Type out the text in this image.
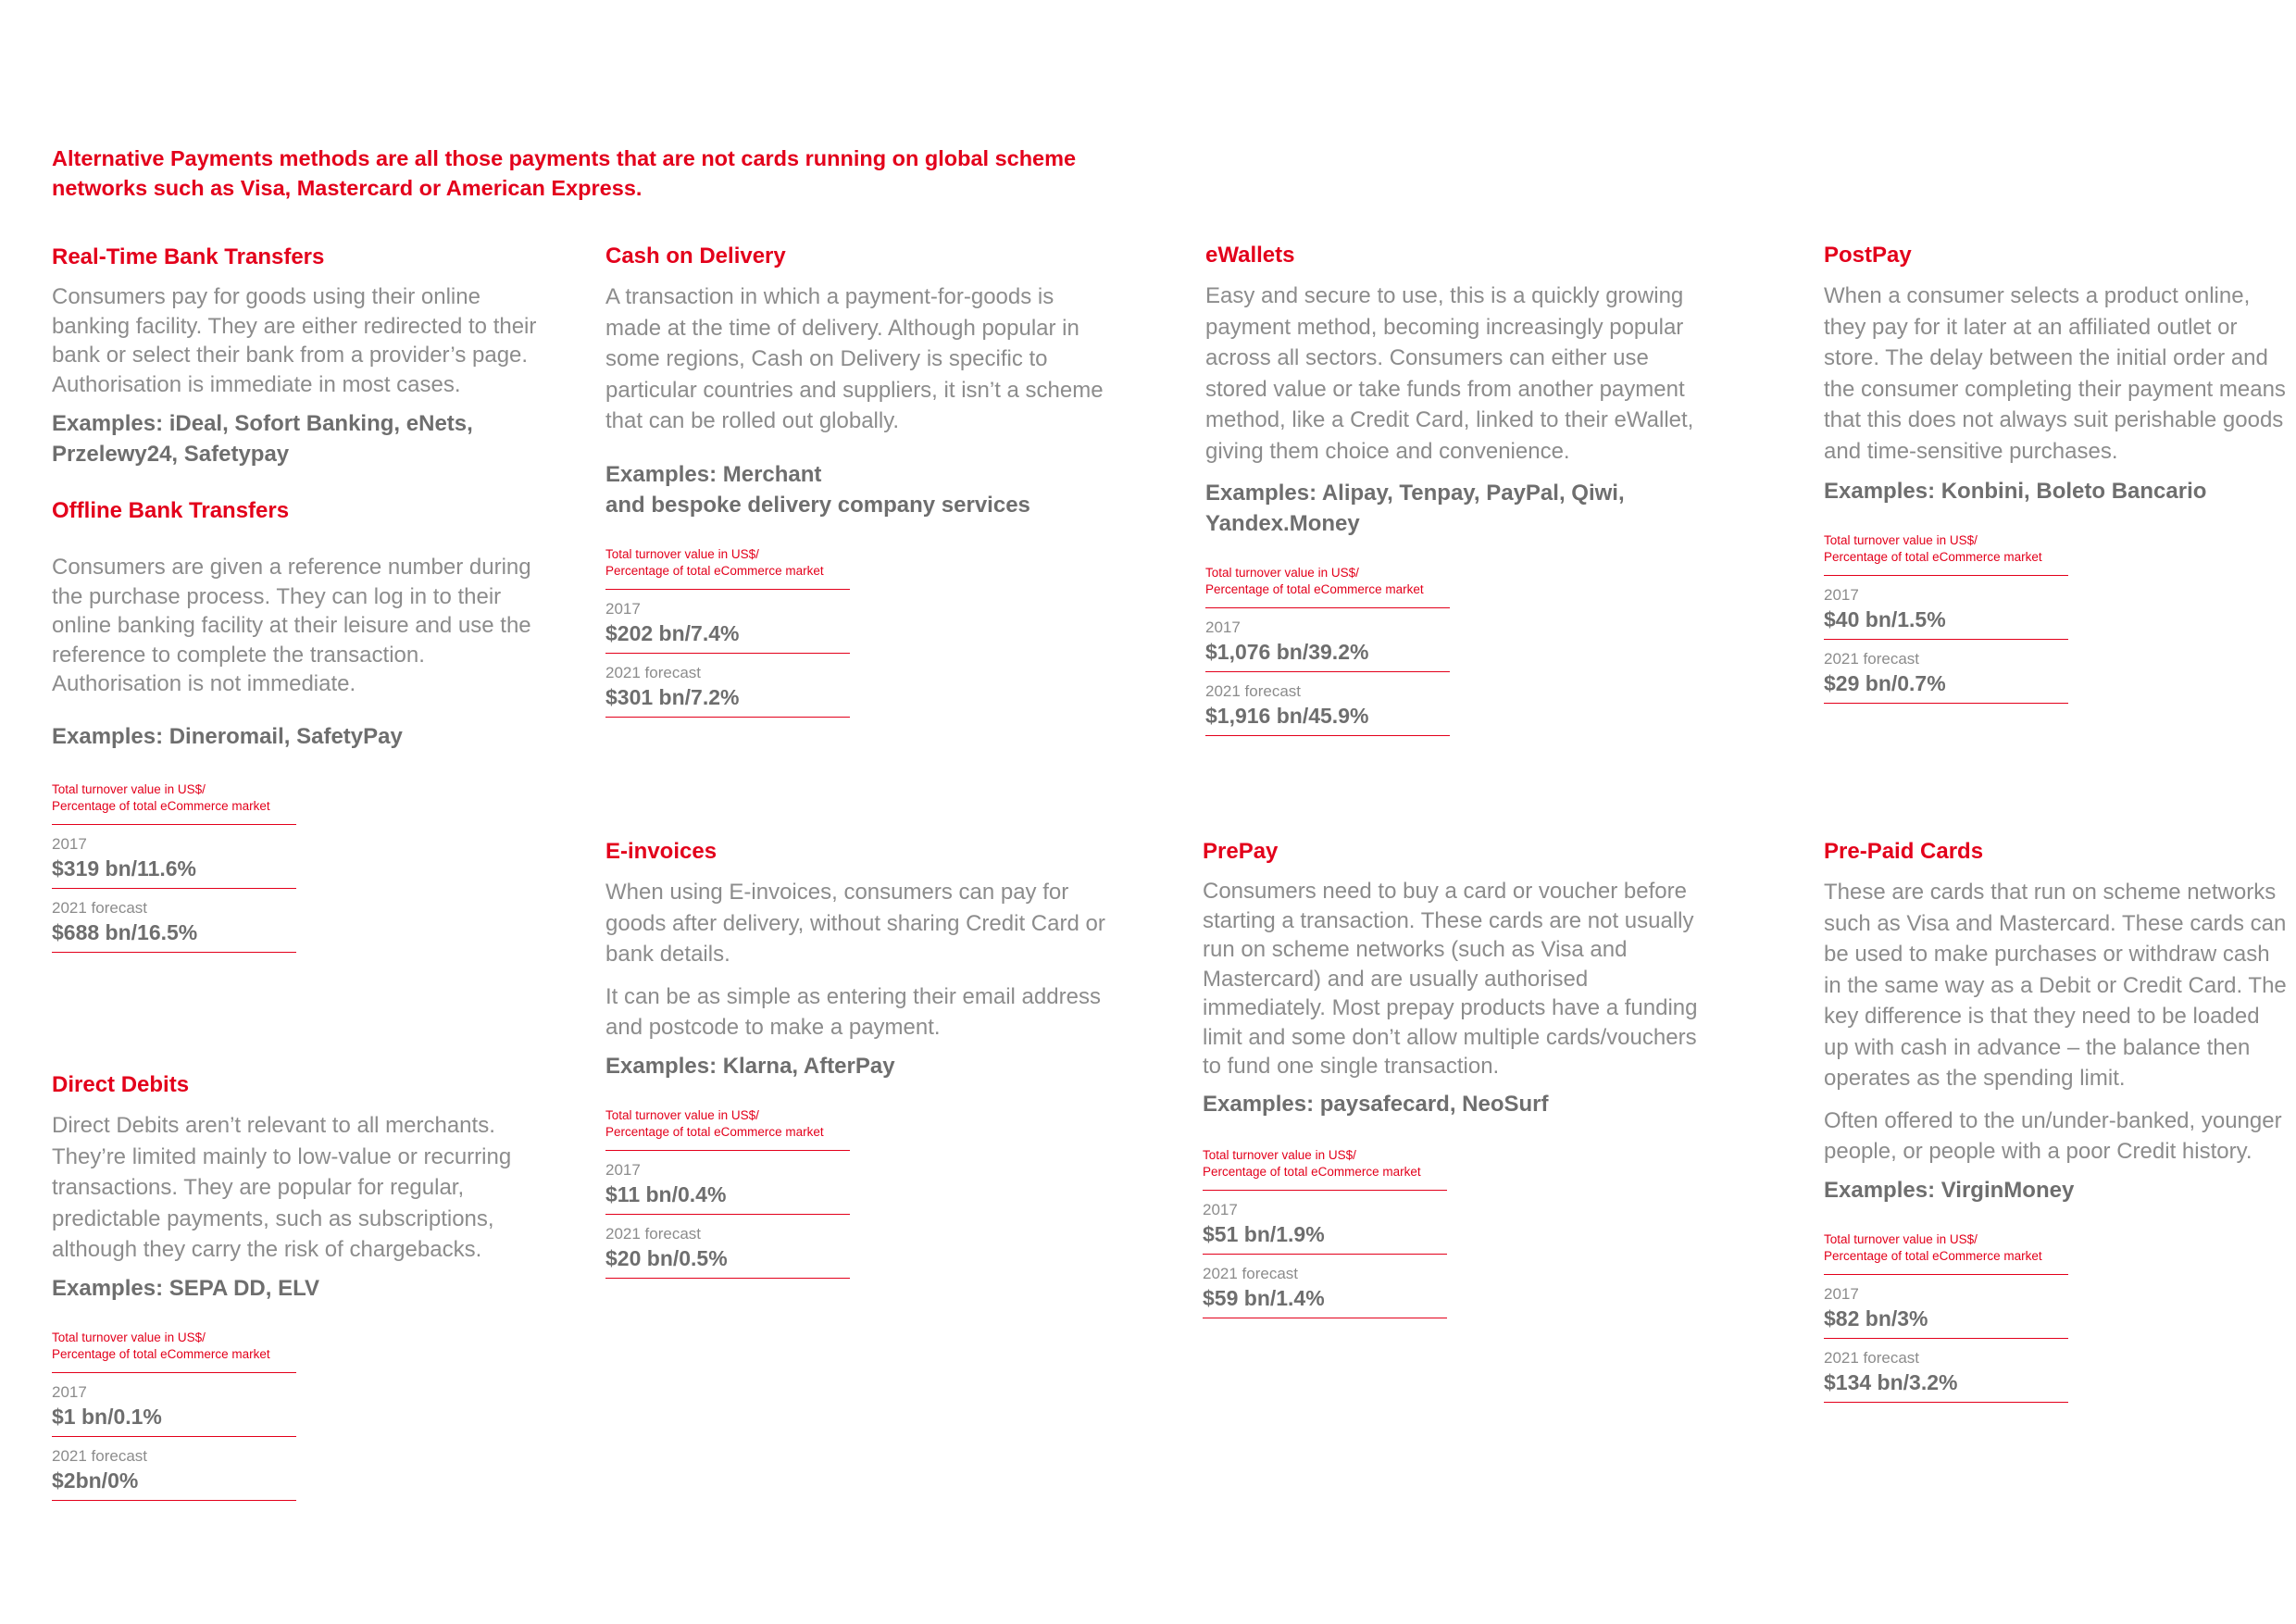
Alternative Payments methods are all those payments that are not cards running on global scheme networks such as Visa, Mastercard or American Express.
Real-Time Bank Transfers

Consumers pay for goods using their online banking facility. They are either redirected to their bank or select their bank from a provider’s page. Authorisation is immediate in most cases.

Examples: iDeal, Sofort Banking, eNets, Przelewy24, Safetypay

Offline Bank Transfers

Consumers are given a reference number during the purchase process. They can log in to their online banking facility at their leisure and use the reference to complete the transaction. Authorisation is not immediate.

Examples: Dineromail, SafetyPay

Total turnover value in US$/
Percentage of total eCommerce market
2017
$319 bn/11.6%
2021 forecast
$688 bn/16.5%
Direct Debits

Direct Debits aren’t relevant to all merchants. They’re limited mainly to low-value or recurring transactions. They are popular for regular, predictable payments, such as subscriptions, although they carry the risk of chargebacks.

Examples: SEPA DD, ELV

Total turnover value in US$/
Percentage of total eCommerce market
2017
$1 bn/0.1%
2021 forecast
$2bn/0%
Cash on Delivery

A transaction in which a payment-for-goods is made at the time of delivery. Although popular in some regions, Cash on Delivery is specific to particular countries and suppliers, it isn’t a scheme that can be rolled out globally.

Examples: Merchant
and bespoke delivery company services

Total turnover value in US$/
Percentage of total eCommerce market
2017
$202 bn/7.4%
2021 forecast
$301 bn/7.2%
E-invoices

When using E-invoices, consumers can pay for goods after delivery, without sharing Credit Card or bank details.

It can be as simple as entering their email address and postcode to make a payment.

Examples: Klarna, AfterPay

Total turnover value in US$/
Percentage of total eCommerce market
2017
$11 bn/0.4%
2021 forecast
$20 bn/0.5%
eWallets

Easy and secure to use, this is a quickly growing payment method, becoming increasingly popular across all sectors. Consumers can either use stored value or take funds from another payment method, like a Credit Card, linked to their eWallet, giving them choice and convenience.

Examples: Alipay, Tenpay, PayPal, Qiwi, Yandex.Money

Total turnover value in US$/
Percentage of total eCommerce market
2017
$1,076 bn/39.2%
2021 forecast
$1,916 bn/45.9%
PrePay

Consumers need to buy a card or voucher before starting a transaction. These cards are not usually run on scheme networks (such as Visa and Mastercard) and are usually authorised immediately. Most prepay products have a funding limit and some don’t allow multiple cards/vouchers to fund one single transaction.

Examples: paysafecard, NeoSurf

Total turnover value in US$/
Percentage of total eCommerce market
2017
$51 bn/1.9%
2021 forecast
$59 bn/1.4%
PostPay

When a consumer selects a product online, they pay for it later at an affiliated outlet or store. The delay between the initial order and the consumer completing their payment means that this does not always suit perishable goods and time-sensitive purchases.

Examples: Konbini, Boleto Bancario

Total turnover value in US$/
Percentage of total eCommerce market
2017
$40 bn/1.5%
2021 forecast
$29 bn/0.7%
Pre-Paid Cards

These are cards that run on scheme networks such as Visa and Mastercard. These cards can be used to make purchases or withdraw cash in the same way as a Debit or Credit Card. The key difference is that they need to be loaded up with cash in advance – the balance then operates as the spending limit.

Often offered to the un/under-banked, younger people, or people with a poor Credit history.

Examples: VirginMoney

Total turnover value in US$/
Percentage of total eCommerce market
2017
$82 bn/3%
2021 forecast
$134 bn/3.2%
